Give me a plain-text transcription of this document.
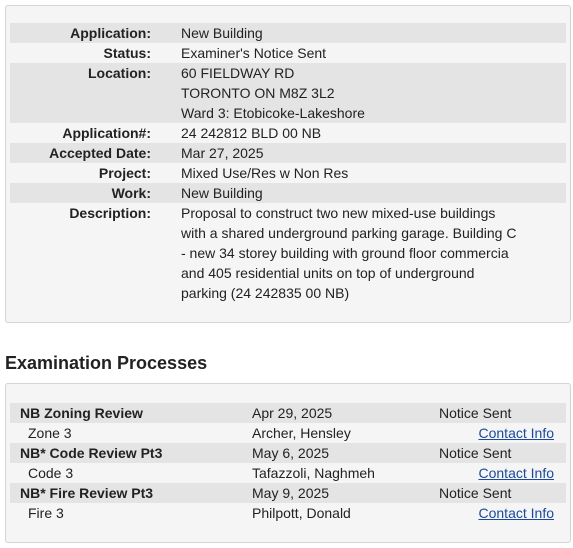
Application:	New Building
Status:	Examiner's Notice Sent
Location:	60 FIELDWAY RD
TORONTO ON M8Z 3L2
Ward 3: Etobicoke-Lakeshore
Application#:	24 242812 BLD 00 NB
Accepted Date:	Mar 27, 2025
Project:	Mixed Use/Res w Non Res
Work:	New Building
Description:	Proposal to construct two new mixed-use buildings
with a shared underground parking garage. Building C
- new 34 storey building with ground floor commercia
and 405 residential units on top of underground
parking (24 242835 00 NB)
Examination Processes
NB Zoning Review	Apr 29, 2025	Notice Sent
Zone 3	Archer, Hensley	Contact Info
NB* Code Review Pt3	May 6, 2025	Notice Sent
Code 3	Tafazzoli, Naghmeh	Contact Info
NB* Fire Review Pt3	May 9, 2025	Notice Sent
Fire 3	Philpott, Donald	Contact Info
